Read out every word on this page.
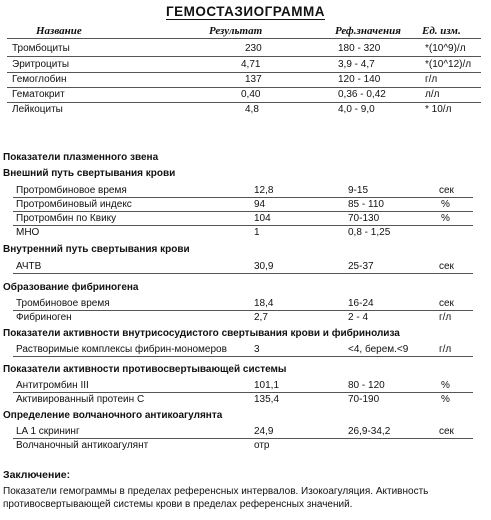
ГЕМОСТАЗИОГРАММА
Название	Результат	Реф.значения Ед. изм.
Тромбоциты	230	180 - 320	*(10^9)/л
Эритроциты	4,71	3,9 - 4,7	*(10^12)/л
Гемоглобин	137	120 - 140	г/л
Гематокрит	0,40	0,36 - 0,42	л/л
Лейкоциты	4,8	4,0 - 9,0	* 10/л
Показатели плазменного звена
Внешний путь свертывания крови
Протромбиновое время	12,8	9-15	сек
Протромбиновый индекс	94	85 - 110	%
Протромбин по Квику	104	70-130	%
МНО	1	0,8 - 1,25
Внутренний путь свертывания крови
АЧТВ	30,9	25-37	сек
Образование фибриногена
Тромбиновое время	18,4	16-24	сек
Фибриноген	2,7	2 - 4	г/л
Показатели активности внутрисосудистого свертывания крови и фибринолиза
Растворимые комплексы фибрин-мономеров	3	<4, берем.<9	г/л
Показатели активности противосвертывающей системы
Антитромбин III	101,1	80 - 120	%
Активированный протеин С	135,4	70-190	%
Определение волчаночного антикоагулянта
LA 1 скрининг	24,9	26,9-34,2	сек
Волчаночный антикоагулянт	отр
Заключение:
Показатели гемограммы в пределах референсных интервалов. Изокоагуляция. Активность противосвертывающей системы крови в пределах референсных значений.
